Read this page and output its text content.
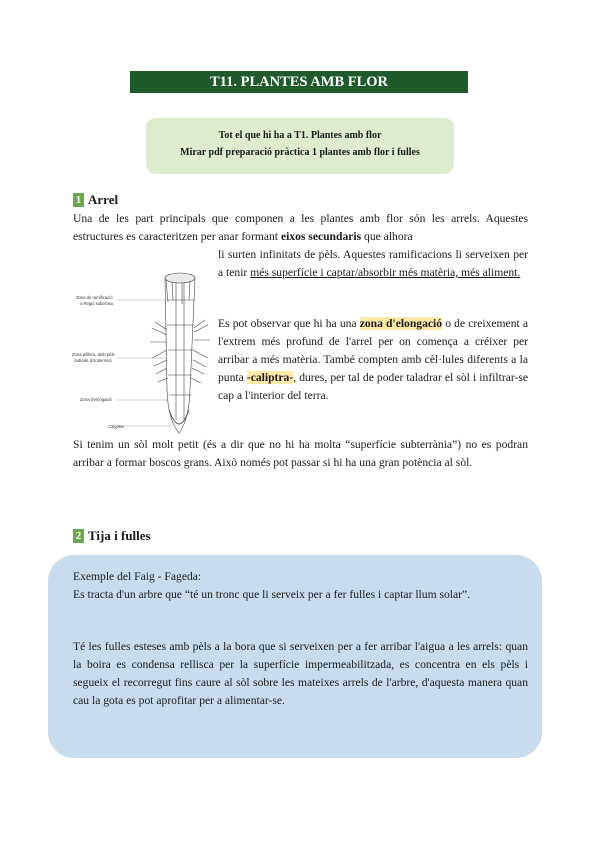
T11. PLANTES AMB FLOR
Tot el que hi ha a T1. Plantes amb flor
Mirar pdf preparació pràctica 1 plantes amb flor i fulles
1 Arrel

Una de les part principals que componen a les plantes amb flor són les arrels. Aquestes estructures es caracteritzen per anar formant eixos secundaris que alhora

Zona de ramificació
o Regió suberosa
Zona pilífera, amb pèls
radicals (rizodermis)
Zona d'elongació
Calyptra

li surten infinitats de pèls. Aquestes ramificacions li serveixen per a tenir més superfície i captar/absorbir més matèria, més aliment.

Es pot observar que hi ha una zona d'elongació o de creixement a l'extrem més profund de l'arrel per on comença a créixer per arribar a més matèria. També compten amb cèl·lules diferents a la punta -caliptra-, dures, per tal de poder taladrar el sòl i infiltrar-se cap a l'interior del terra.

Si tenim un sòl molt petit (és a dir que no hi ha molta “superfície subterrània”) no es podran arribar a formar boscos grans. Això només pot passar si hi ha una gran potència al sòl.

2 Tija i fulles

Exemple del Faig - Fageda:

Es tracta d'un arbre que “té un tronc que li serveix per a fer fulles i captar llum solar”.

Té les fulles esteses amb pèls a la bora que si serveixen per a fer arribar l'aigua a les arrels: quan la boira es condensa rellisca per la superfície impermeabilitzada, es concentra en els pèls i segueix el recorregut fins caure al sòl sobre les mateixes arrels de l'arbre, d'aquesta manera quan cau la gota es pot aprofitar per a alimentar-se.
